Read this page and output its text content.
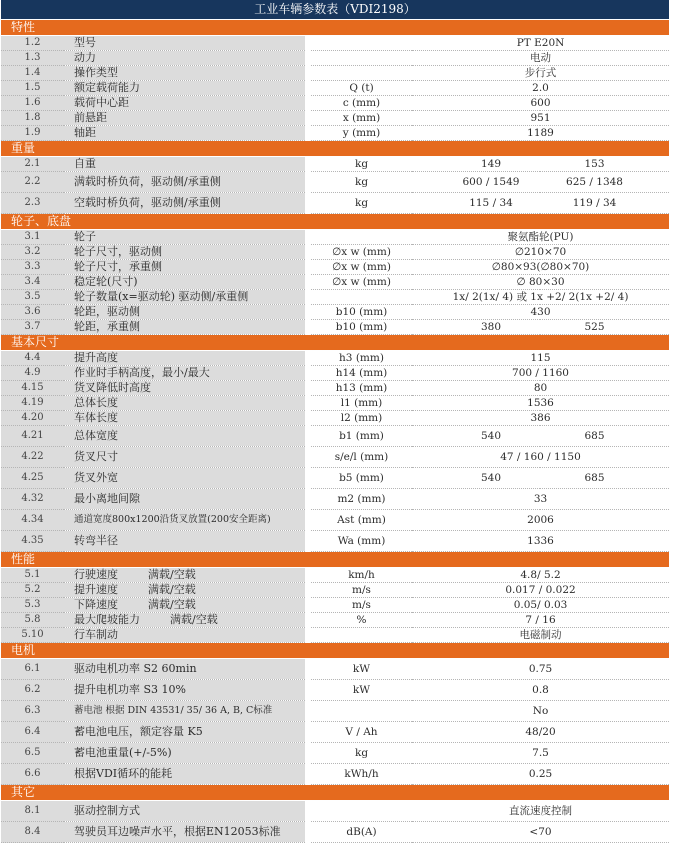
工业车辆参数表（VDI2198）
特性				
1.2	型号		PT E20N	
1.3	动力		电动	
1.4	操作类型		步行式	
1.5	额定载荷能力	Q (t)	2.0	
1.6	载荷中心距	c (mm)	600	
1.8	前悬距	x (mm)	951	
1.9	轴距	y (mm)	1189	
重量				
2.1	自重	kg	149	153
2.2	满载时桥负荷，驱动侧/承重侧	kg	600 / 1549	625 / 1348
2.3	空载时桥负荷，驱动侧/承重侧	kg	115 / 34	119 / 34
轮子、底盘				
3.1	轮子		聚氨酯轮(PU)	
3.2	轮子尺寸，驱动侧	∅x w (mm)	∅210×70	
3.3	轮子尺寸，承重侧	∅x w (mm)	∅80×93(∅80×70)	
3.4	稳定轮(尺寸)	∅x w (mm)	∅ 80×30	
3.5	轮子数量(x=驱动轮) 驱动侧/承重侧		1x/ 2(1x/ 4) 或 1x +2/ 2(1x +2/ 4)	
3.6	轮距，驱动侧	b10 (mm)	430	
3.7	轮距，承重侧	b10 (mm)	380	525
基本尺寸				
4.4	提升高度	h3 (mm)	115	
4.9	作业时手柄高度，最小/最大	h14 (mm)	700 / 1160	
4.15	货叉降低时高度	h13 (mm)	80	
4.19	总体长度	l1 (mm)	1536	
4.20	车体长度	l2 (mm)	386	
4.21	总体宽度	b1 (mm)	540	685
4.22	货叉尺寸	s/e/l (mm)	47 / 160 / 1150	
4.25	货叉外宽	b5 (mm)	540	685
4.32	最小离地间隙	m2 (mm)	33	
4.34	通道宽度800x1200沿货叉放置(200安全距离)	Ast (mm)	2006	
4.35	转弯半径	Wa (mm)	1336	
性能				
5.1	行驶速度 满载/空载	km/h	4.8/ 5.2	
5.2	提升速度 满载/空载	m/s	0.017 / 0.022	
5.3	下降速度 满载/空载	m/s	0.05/ 0.03	
5.8	最大爬坡能力 满载/空载	%	7 / 16	
5.10	行车制动		电磁制动	
电机				
6.1	驱动电机功率 S2 60min	kW	0.75	
6.2	提升电机功率 S3 10%	kW	0.8	
6.3	蓄电池 根据 DIN 43531/ 35/ 36 A, B, C标准		No	
6.4	蓄电池电压，额定容量 K5	V / Ah	48/20	
6.5	蓄电池重量(+/-5%)	kg	7.5	
6.6	根据VDI循环的能耗	kWh/h	0.25	
其它				
8.1	驱动控制方式		直流速度控制	
8.4	驾驶员耳边噪声水平，根据EN12053标准	dB(A)	<70	
